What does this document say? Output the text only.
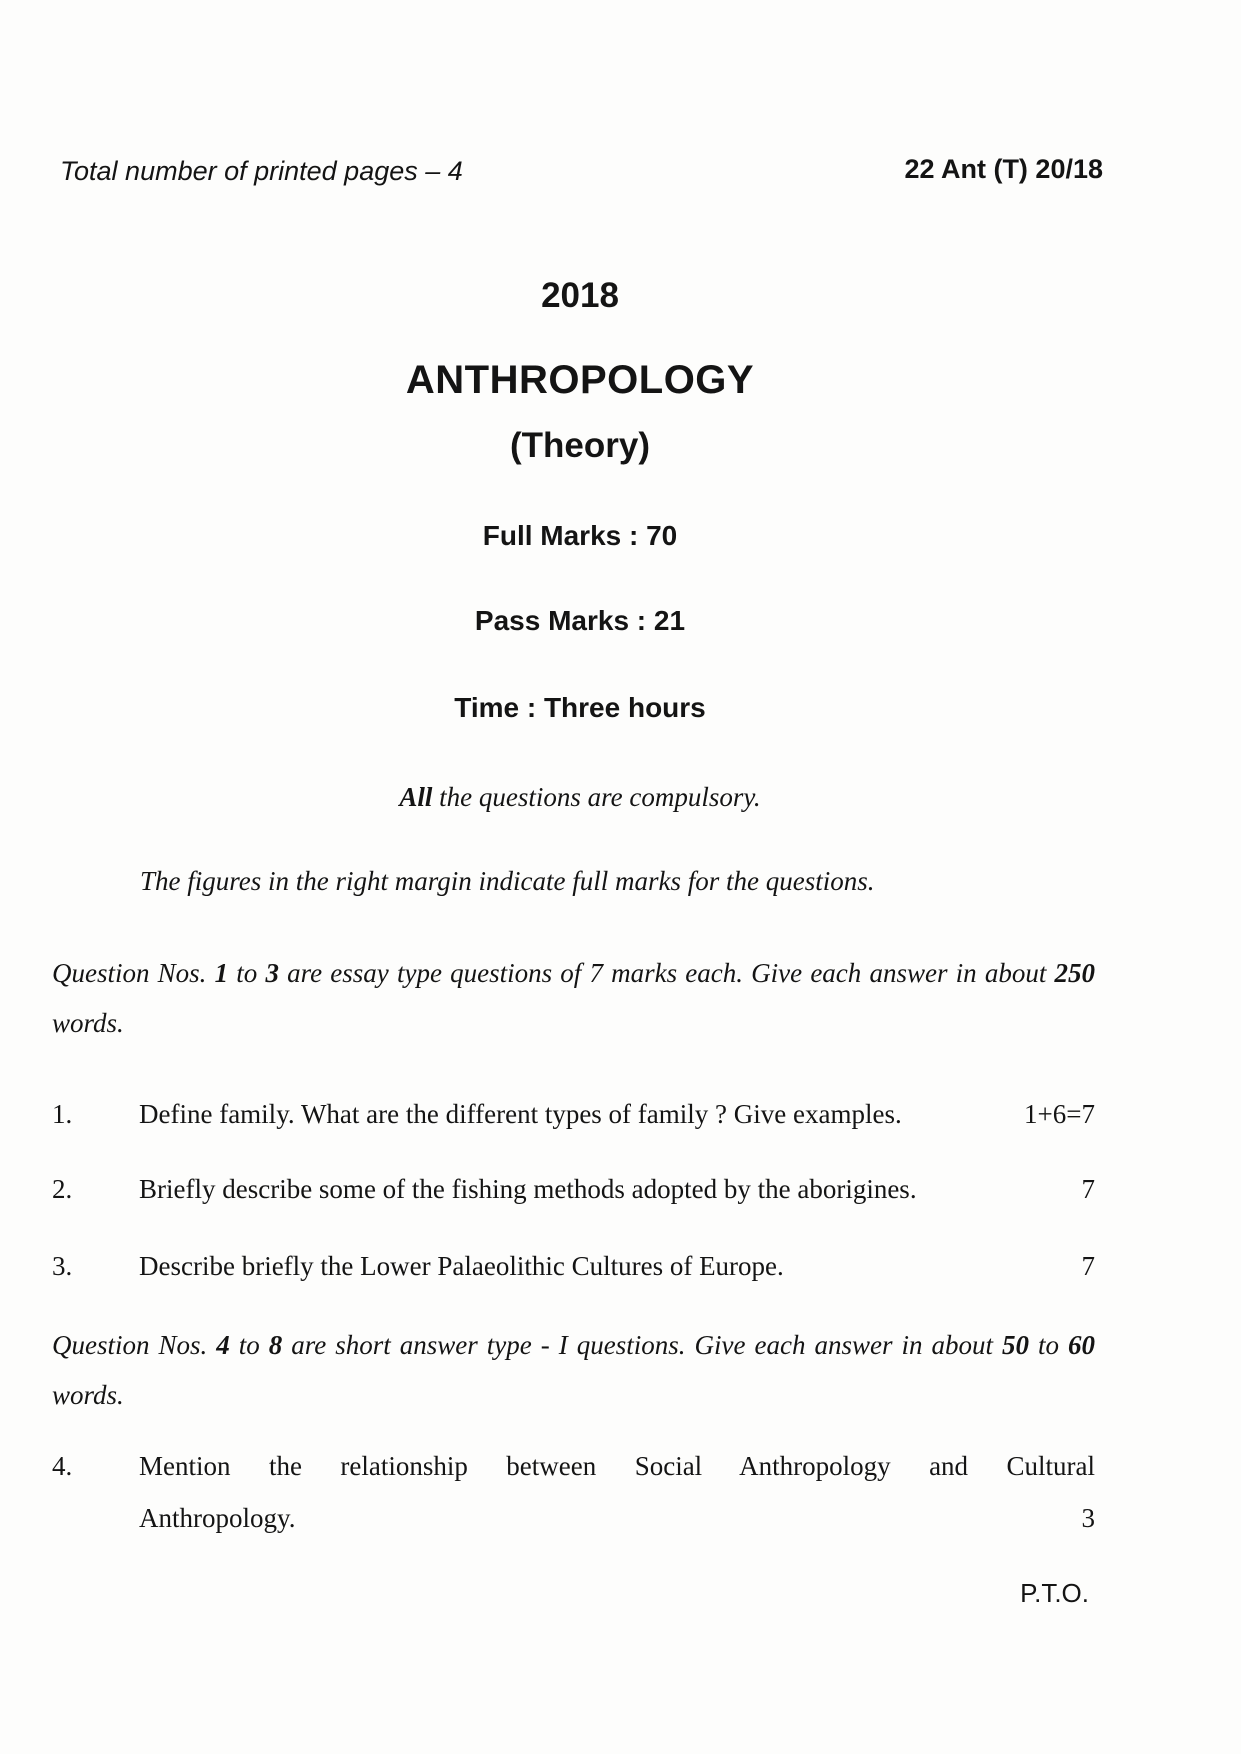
Total number of printed pages – 4	22 Ant (T) 20/18
2018
ANTHROPOLOGY
(Theory)
Full Marks : 70
Pass Marks : 21
Time : Three hours
All the questions are compulsory.
The figures in the right margin indicate full marks for the questions.
Question Nos. 1 to 3 are essay type questions of 7 marks each. Give each answer in about 250 words.
1. Define family. What are the different types of family ? Give examples.	1+6=7
2. Briefly describe some of the fishing methods adopted by the aborigines.	7
3. Describe briefly the Lower Palaeolithic Cultures of Europe.	7
Question Nos. 4 to 8 are short answer type - I questions. Give each answer in about 50 to 60 words.
4. Mention the relationship between Social Anthropology and Cultural
Anthropology.	3
P.T.O.
